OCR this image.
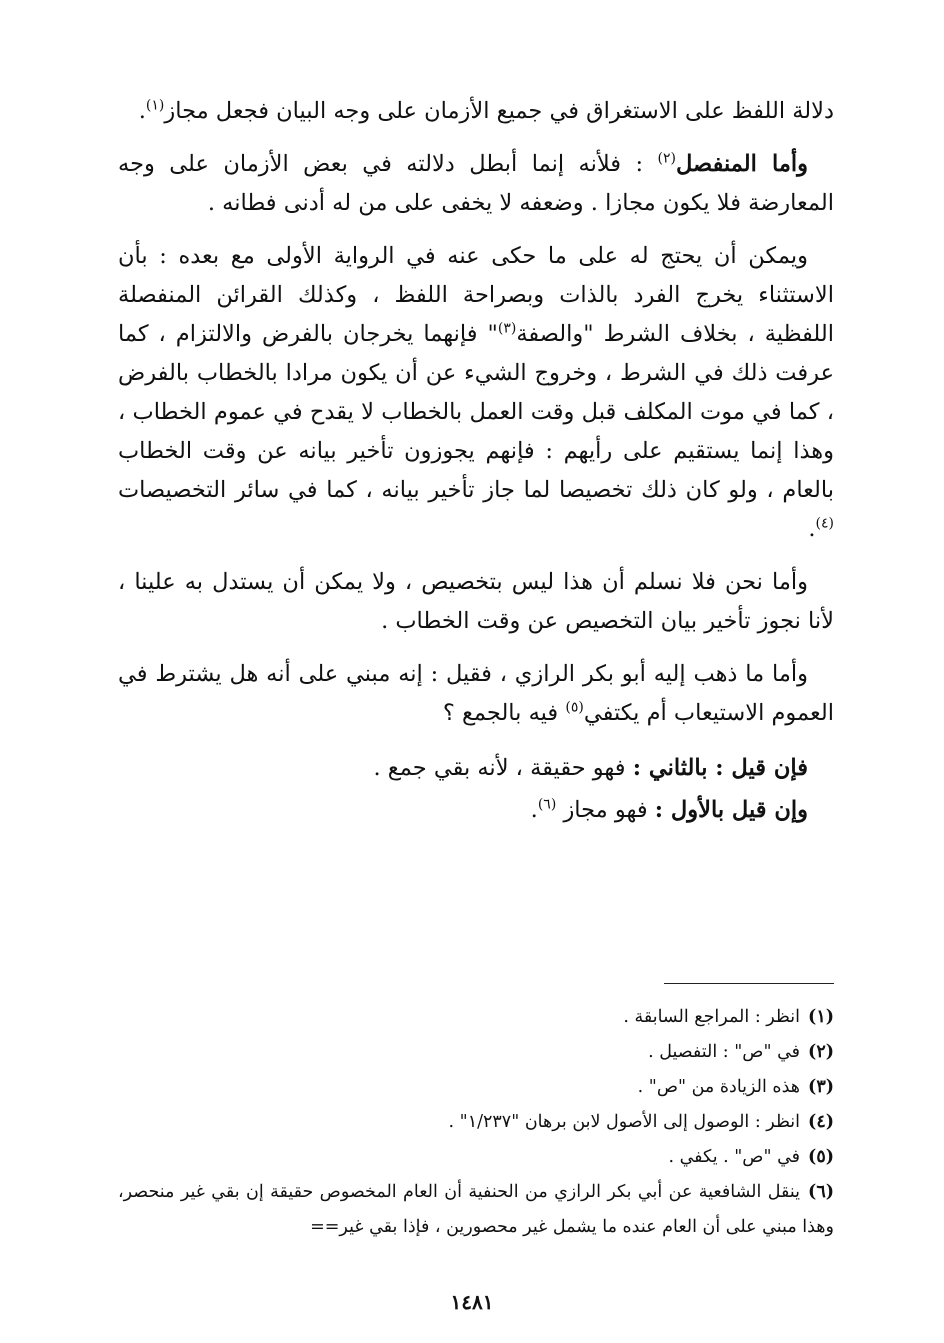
دلالة اللفظ على الاستغراق في جميع الأزمان على وجه البيان فجعل مجاز$^{(١)}$.

وأما المنفصل$^{(٢)}$ : فلأنه إنما أبطل دلالته في بعض الأزمان على وجه المعارضة فلا يكون مجازا . وضعفه لا يخفى على من له أدنى فطانه .

ويمكن أن يحتج له على ما حكى عنه في الرواية الأولى مع بعده : بأن الاستثناء يخرج الفرد بالذات وبصراحة اللفظ ، وكذلك القرائن المنفصلة اللفظية ، بخلاف الشرط "والصفة$^{(٣)}$" فإنهما يخرجان بالفرض والالتزام ، كما عرفت ذلك في الشرط ، وخروج الشيء عن أن يكون مرادا بالخطاب بالفرض ، كما في موت المكلف قبل وقت العمل بالخطاب لا يقدح في عموم الخطاب ، وهذا إنما يستقيم على رأيهم : فإنهم يجوزون تأخير بيانه عن وقت الخطاب بالعام ، ولو كان ذلك تخصيصا لما جاز تأخير بيانه ، كما في سائر التخصيصات $^{(٤)}$.

وأما نحن فلا نسلم أن هذا ليس بتخصيص ، ولا يمكن أن يستدل به علينا ، لأنا نجوز تأخير بيان التخصيص عن وقت الخطاب .

وأما ما ذهب إليه أبو بكر الرازي ، فقيل : إنه مبني على أنه هل يشترط في العموم الاستيعاب أم يكتفي$^{(٥)}$ فيه بالجمع ؟

فإن قيل : بالثاني : فهو حقيقة ، لأنه بقي جمع .

وإن قيل بالأول : فهو مجاز $^{(٦)}$.

(١)انظر : المراجع السابقة .

(٢)في "ص" : التفصيل .

(٣)هذه الزيادة من "ص" .

(٤)انظر : الوصول إلى الأصول لابن برهان "١/٢٣٧" .

(٥)في "ص" . يكفي .

(٦)ينقل الشافعية عن أبي بكر الرازي من الحنفية أن العام المخصوص حقيقة إن بقي غير منحصر، وهذا مبني على أن العام عنده ما يشمل غير محصورين ، فإذا بقي غير==

١٤٨١
